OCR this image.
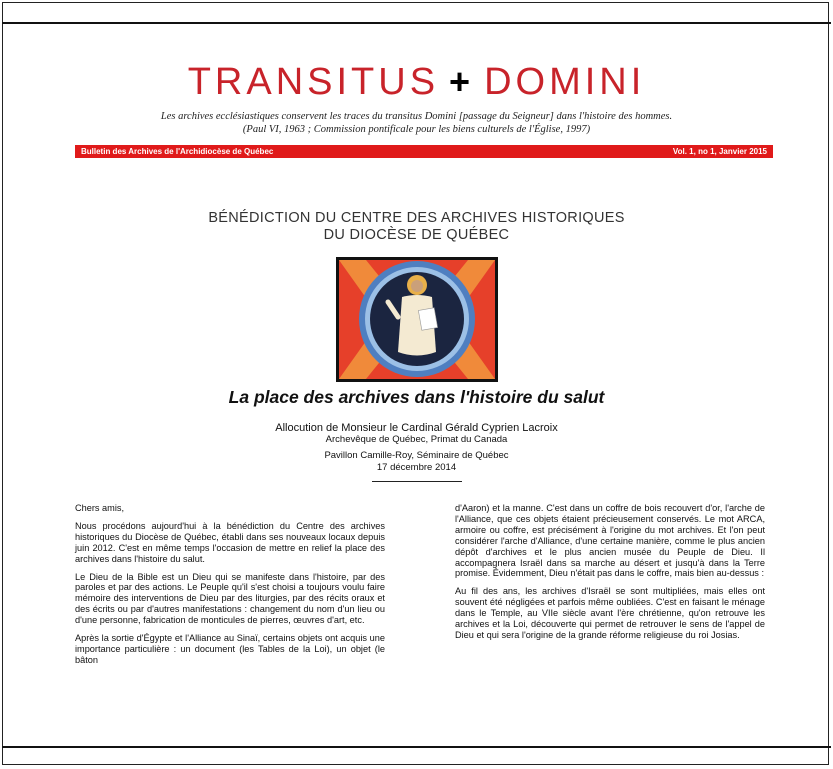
TRANSITUS + DOMINI
Les archives ecclésiastiques conservent les traces du transitus Domini [passage du Seigneur] dans l'histoire des hommes.
(Paul VI, 1963 ; Commission pontificale pour les biens culturels de l'Église, 1997)
Bulletin des Archives de l'Archidiocèse de Québec	Vol. 1, no 1, Janvier 2015
BÉNÉDICTION DU CENTRE DES ARCHIVES HISTORIQUES
DU DIOCÈSE DE QUÉBEC
La place des archives dans l'histoire du salut
Allocution de Monsieur le Cardinal Gérald Cyprien Lacroix
Archevêque de Québec, Primat du Canada
Pavillon Camille-Roy, Séminaire de Québec
17 décembre 2014

Chers amis,

Nous procédons aujourd'hui à la bénédiction du Centre des archives historiques du Diocèse de Québec, établi dans ses nouveaux locaux depuis juin 2012. C'est en même temps l'occasion de mettre en relief la place des archives dans l'histoire du salut.

Le Dieu de la Bible est un Dieu qui se manifeste dans l'histoire, par des paroles et par des actions. Le Peuple qu'il s'est choisi a toujours voulu faire mémoire des interventions de Dieu par des liturgies, par des récits oraux et des écrits ou par d'autres manifestations : changement du nom d'un lieu ou d'une personne, fabrication de monticules de pierres, œuvres d'art, etc.

Après la sortie d'Égypte et l'Alliance au Sinaï, certains objets ont acquis une importance particulière : un document (les Tables de la Loi), un objet (le bâton

d'Aaron) et la manne. C'est dans un coffre de bois recouvert d'or, l'arche de l'Alliance, que ces objets étaient précieusement conservés. Le mot ARCA, armoire ou coffre, est précisément à l'origine du mot archives. Et l'on peut considérer l'arche d'Alliance, d'une certaine manière, comme le plus ancien dépôt d'archives et le plus ancien musée du Peuple de Dieu. Il accompagnera Israël dans sa marche au désert et jusqu'à dans la Terre promise. Évidemment, Dieu n'était pas dans le coffre, mais bien au-dessus :

Au fil des ans, les archives d'Israël se sont multipliées, mais elles ont souvent été négligées et parfois même oubliées. C'est en faisant le ménage dans le Temple, au VIIe siècle avant l'ère chrétienne, qu'on retrouve les archives et la Loi, découverte qui permet de retrouver le sens de l'appel de Dieu et qui sera l'origine de la grande réforme religieuse du roi Josias.
